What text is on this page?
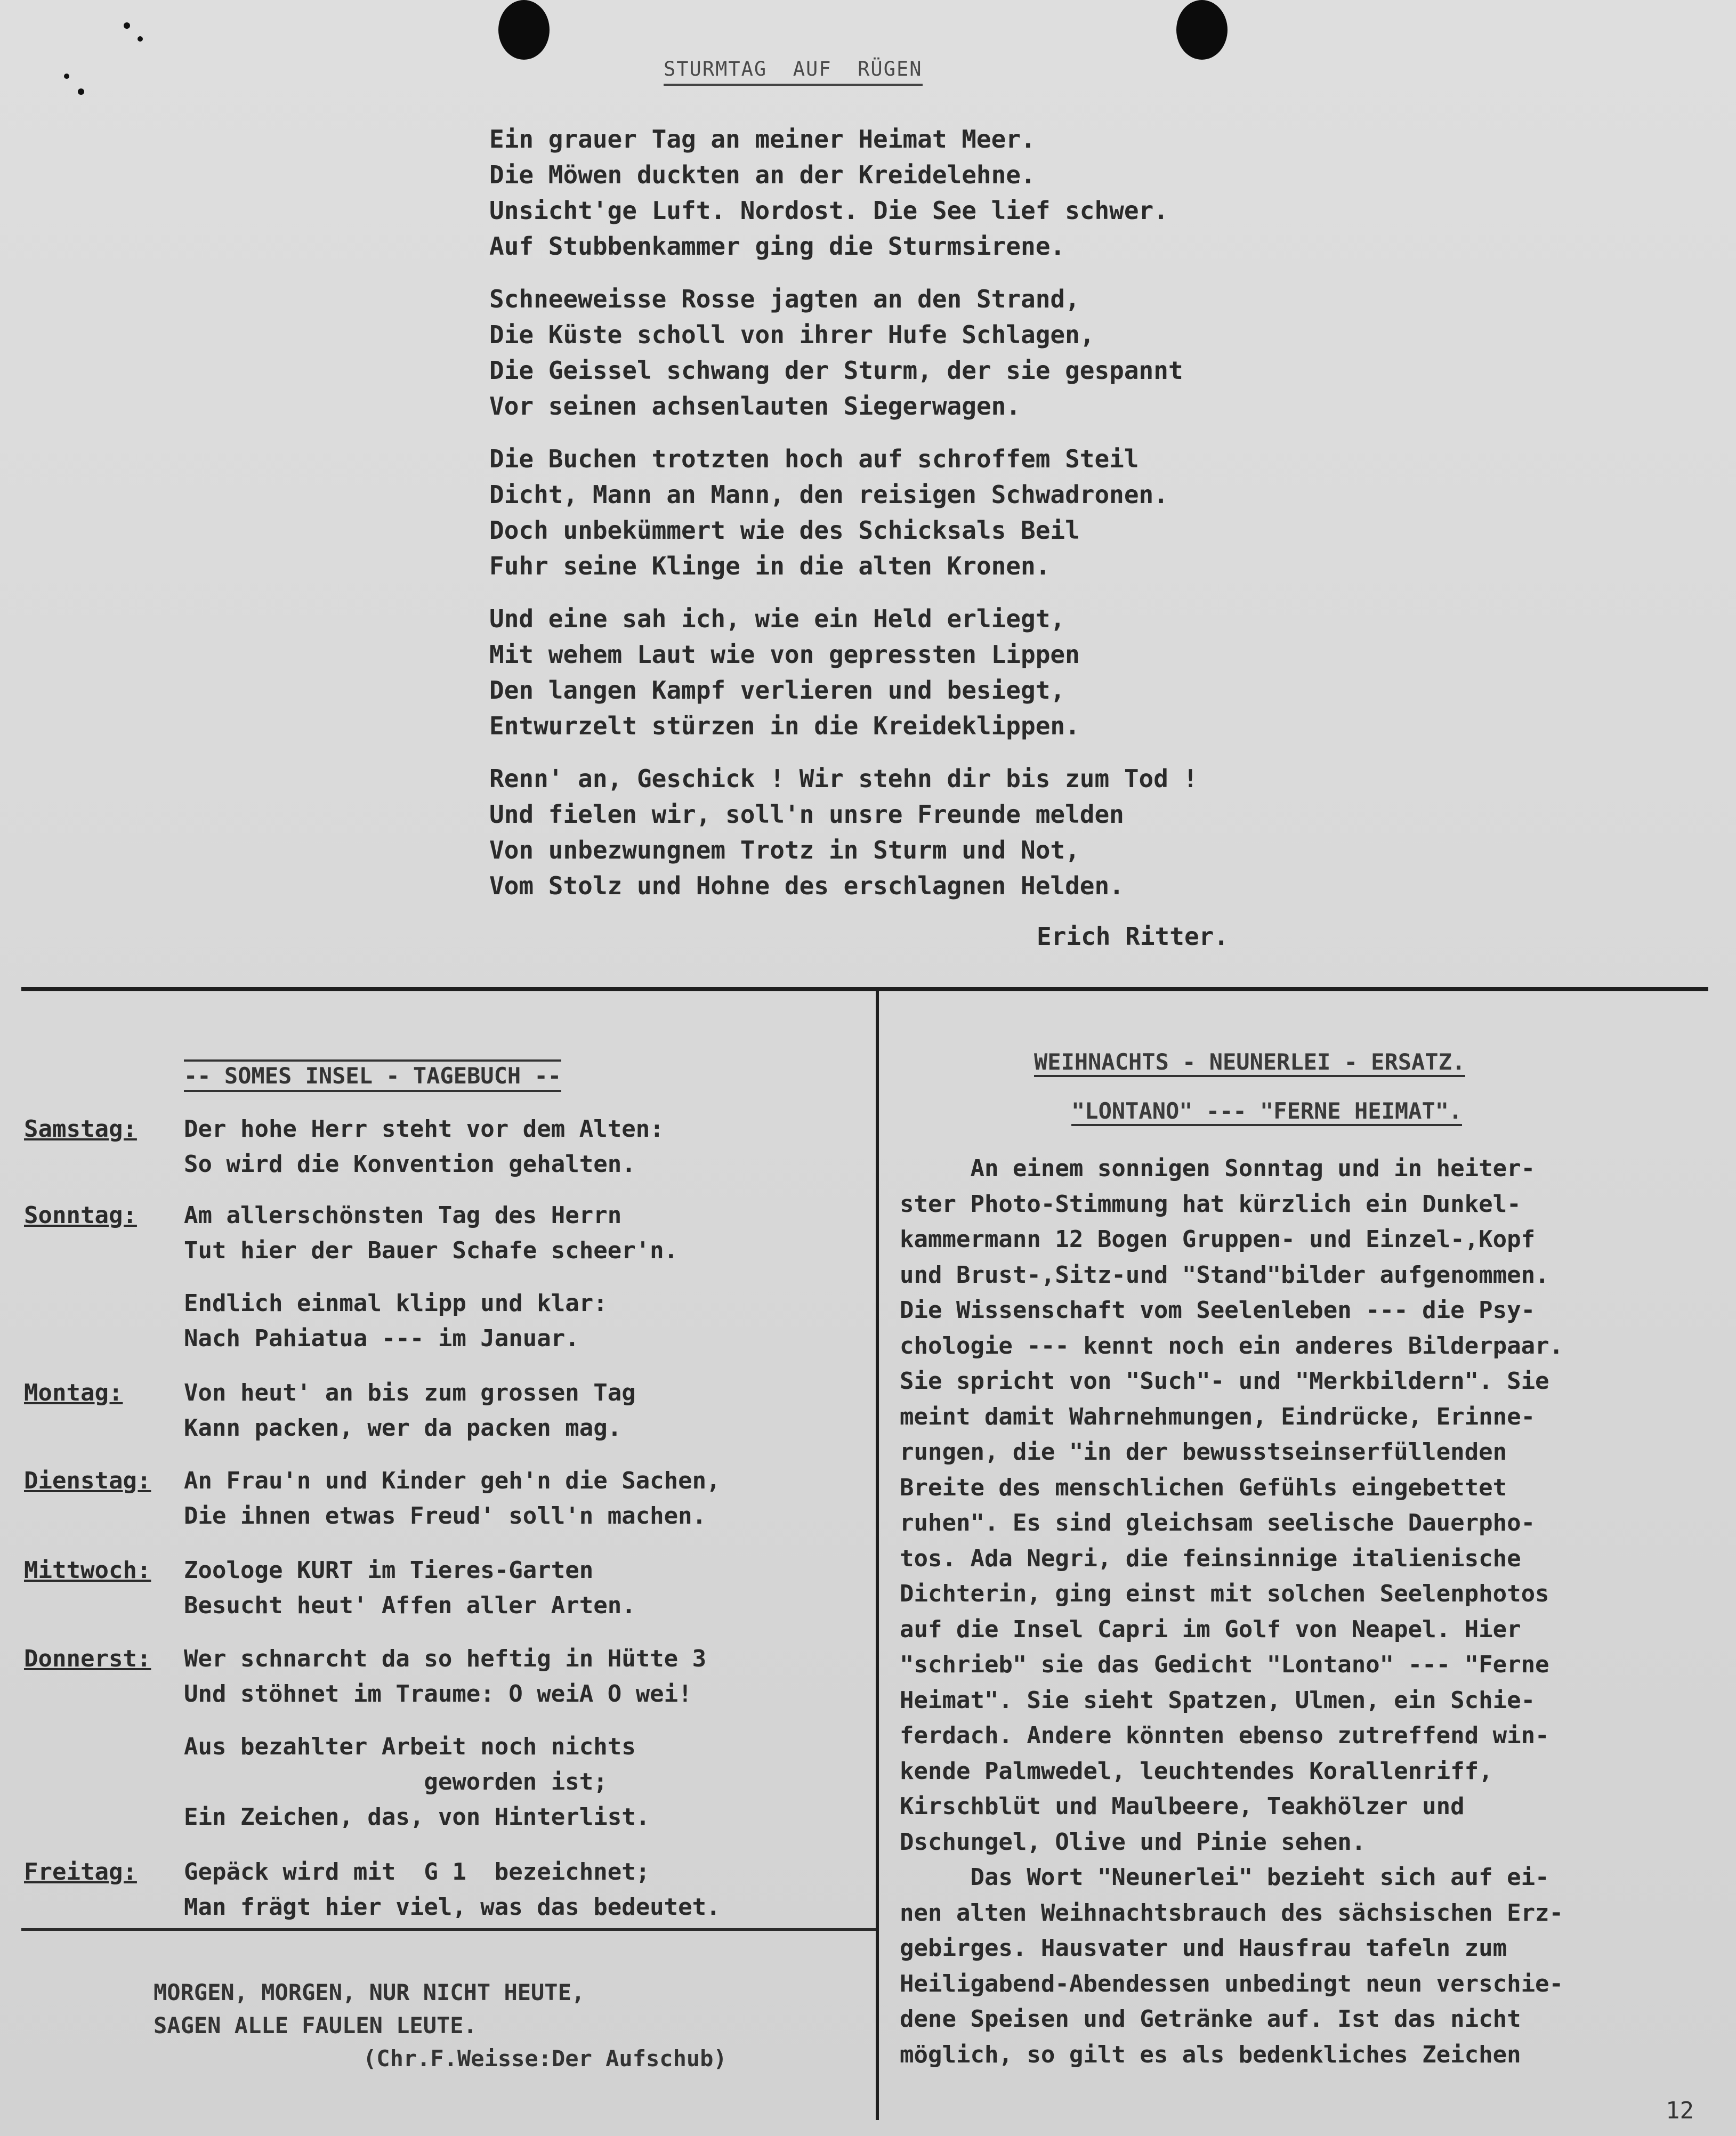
STURMTAG  AUF  RÜGEN
Ein grauer Tag an meiner Heimat Meer.
Die Möwen duckten an der Kreidelehne.
Unsicht'ge Luft. Nordost. Die See lief schwer.
Auf Stubbenkammer ging die Sturmsirene.
Schneeweisse Rosse jagten an den Strand,
Die Küste scholl von ihrer Hufe Schlagen,
Die Geissel schwang der Sturm, der sie gespannt
Vor seinen achsenlauten Siegerwagen.
Die Buchen trotzten hoch auf schroffem Steil
Dicht, Mann an Mann, den reisigen Schwadronen.
Doch unbekümmert wie des Schicksals Beil
Fuhr seine Klinge in die alten Kronen.
Und eine sah ich, wie ein Held erliegt,
Mit wehem Laut wie von gepressten Lippen
Den langen Kampf verlieren und besiegt,
Entwurzelt stürzen in die Kreideklippen.
Renn' an, Geschick ! Wir stehn dir bis zum Tod !
Und fielen wir, soll'n unsre Freunde melden
Von unbezwungnem Trotz in Sturm und Not,
Vom Stolz und Hohne des erschlagnen Helden.
Erich Ritter.
-- SOMES INSEL - TAGEBUCH --
Samstag: Der hohe Herr steht vor dem Alten:
So wird die Konvention gehalten.
Sonntag: Am allerschönsten Tag des Herrn
Tut hier der Bauer Schafe scheer'n.
Endlich einmal klipp und klar:
Nach Pahiatua --- im Januar.
Montag:	Von heut' an bis zum grossen Tag
Kann packen, wer da packen mag.
Dienstag: An Frau'n und Kinder geh'n die Sachen,
Die ihnen etwas Freud' soll'n machen.
Mittwoch: Zoologe KURT im Tieres-Garten
Besucht heut' Affen aller Arten.
Donnerst: Wer schnarcht da so heftig in Hütte 3
Und stöhnet im Traume: O weiA O wei!
Aus bezahlter Arbeit noch nichts
geworden ist;
Ein Zeichen, das, von Hinterlist.
Freitag: Gepäck wird mit  G 1  bezeichnet;
Man frägt hier viel, was das bedeutet.
MORGEN, MORGEN, NUR NICHT HEUTE,
SAGEN ALLE FAULEN LEUTE.
(Chr.F.Weisse:Der Aufschub)
WEIHNACHTS - NEUNERLEI - ERSATZ.
"LONTANO" --- "FERNE HEIMAT".
An einem sonnigen Sonntag und in heiter-
ster Photo-Stimmung hat kürzlich ein Dunkel-
kammermann 12 Bogen Gruppen- und Einzel-,Kopf
und Brust-,Sitz-und "Stand"bilder aufgenommen.
Die Wissenschaft vom Seelenleben --- die Psy-
chologie --- kennt noch ein anderes Bilderpaar.
Sie spricht von "Such"- und "Merkbildern". Sie
meint damit Wahrnehmungen, Eindrücke, Erinne-
rungen, die "in der bewusstseinserfüllenden
Breite des menschlichen Gefühls eingebettet
ruhen". Es sind gleichsam seelische Dauerpho-
tos. Ada Negri, die feinsinnige italienische
Dichterin, ging einst mit solchen Seelenphotos
auf die Insel Capri im Golf von Neapel. Hier
"schrieb" sie das Gedicht "Lontano" --- "Ferne
Heimat". Sie sieht Spatzen, Ulmen, ein Schie-
ferdach. Andere könnten ebenso zutreffend win-
kende Palmwedel, leuchtendes Korallenriff,
Kirschblüt und Maulbeere, Teakhölzer und
Dschungel, Olive und Pinie sehen.
Das Wort "Neunerlei" bezieht sich auf ei-
nen alten Weihnachtsbrauch des sächsischen Erz-
gebirges. Hausvater und Hausfrau tafeln zum
Heiligabend-Abendessen unbedingt neun verschie-
dene Speisen und Getränke auf. Ist das nicht
möglich, so gilt es als bedenkliches Zeichen
12
